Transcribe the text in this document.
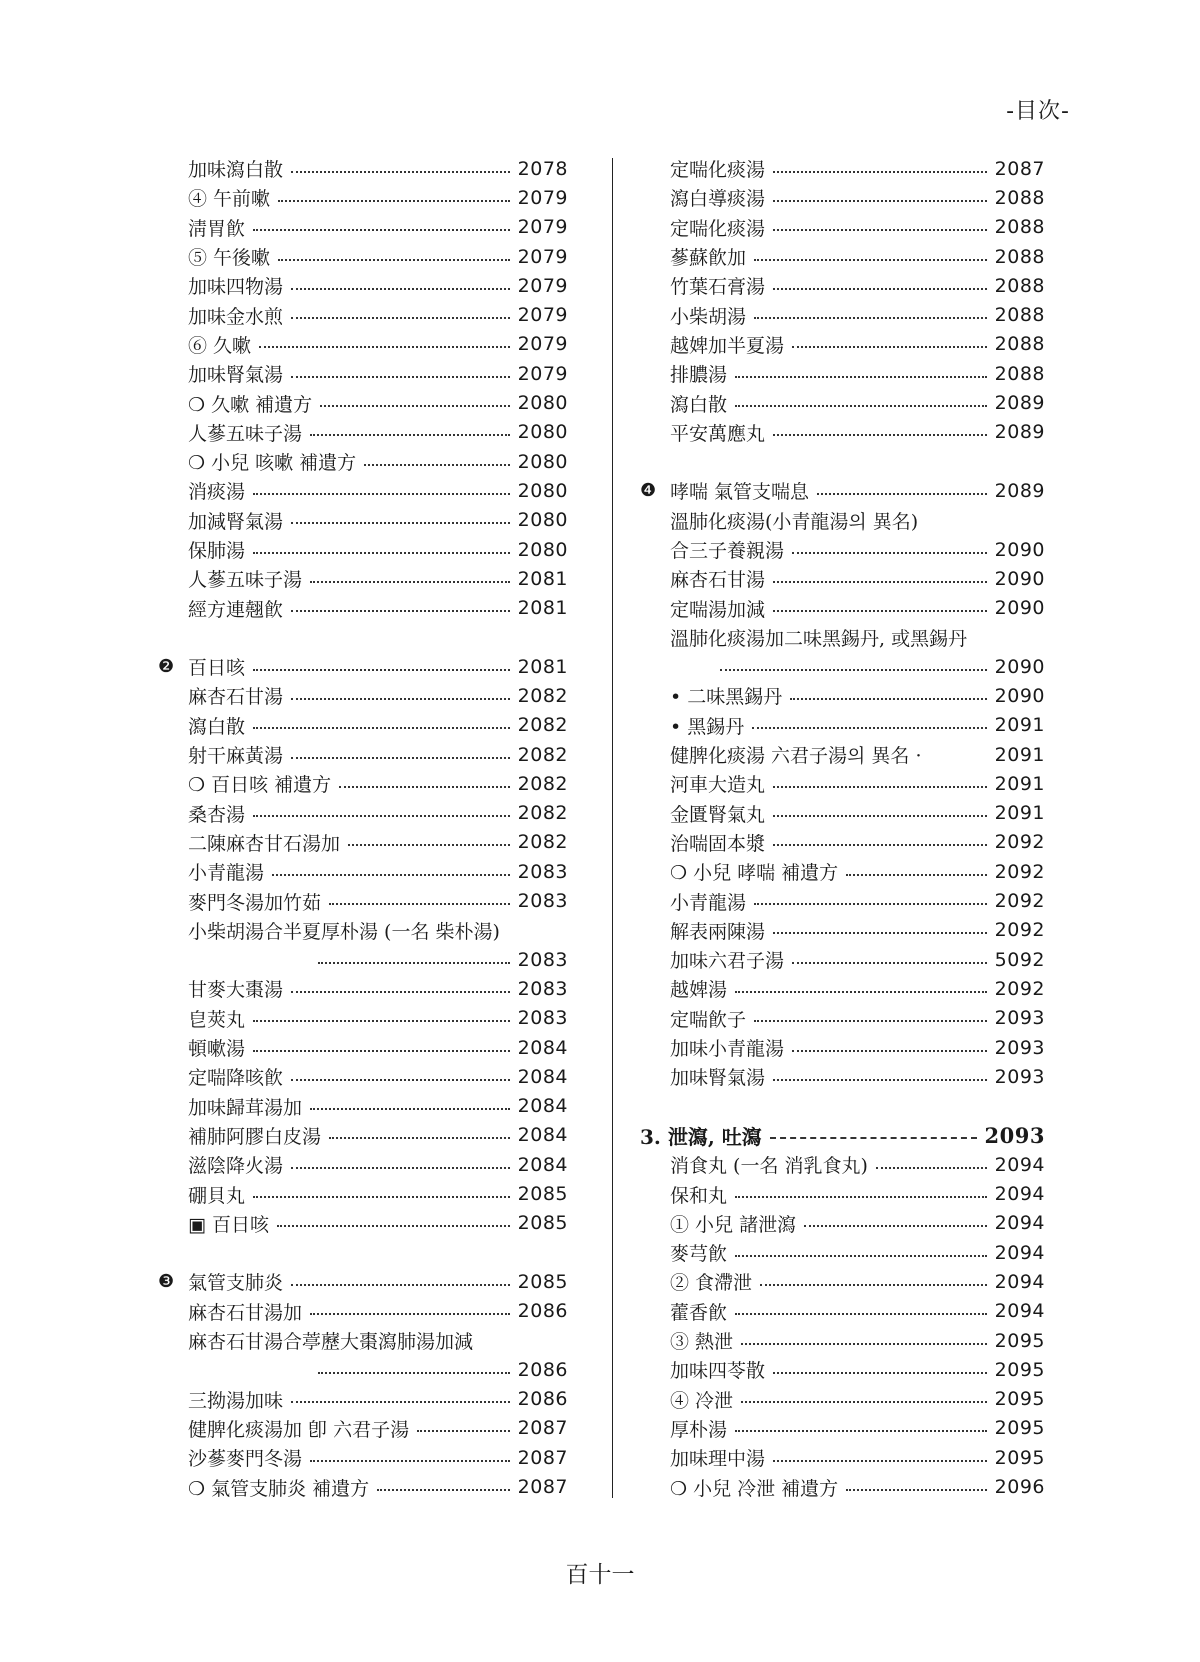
-目次-
加味瀉白散	2078
④ 午前嗽	2079
淸胃飮	2079
⑤ 午後嗽	2079
加味四物湯	2079
加味金水煎	2079
⑥ 久嗽	2079
加味腎氣湯	2079
❍ 久嗽 補遺方	2080
人蔘五味子湯	2080
❍ 小兒 咳嗽 補遺方	2080
消痰湯	2080
加減腎氣湯	2080
保肺湯	2080
人蔘五味子湯	2081
經方連翹飮	2081
❷ 百日咳	2081
麻杏石甘湯	2082
瀉白散	2082
射干麻黃湯	2082
❍ 百日咳 補遺方	2082
桑杏湯	2082
二陳麻杏甘石湯加	2082
小青龍湯	2083
麥門冬湯加竹茹	2083
小柴胡湯合半夏厚朴湯 (一名 柴朴湯)
2083
甘麥大棗湯	2083
皀莢丸	2083
頓嗽湯	2084
定喘降咳飮	2084
加味歸茸湯加	2084
補肺阿膠白皮湯	2084
滋陰降火湯	2084
硼貝丸	2085
▣ 百日咳	2085
❸ 氣管支肺炎	2085
麻杏石甘湯加	2086
麻杏石甘湯合葶藶大棗瀉肺湯加減
2086
三拗湯加味	2086
健脾化痰湯加 卽 六君子湯	2087
沙蔘麥門冬湯	2087
❍ 氣管支肺炎 補遺方	2087
定喘化痰湯	2087
瀉白導痰湯	2088
定喘化痰湯	2088
蔘蘇飮加	2088
竹葉石膏湯	2088
小柴胡湯	2088
越婢加半夏湯	2088
排膿湯	2088
瀉白散	2089
平安萬應丸	2089
❹ 哮喘 氣管支喘息	2089
溫肺化痰湯(小青龍湯의 異名)
合三子養親湯	2090
麻杏石甘湯	2090
定喘湯加減	2090
溫肺化痰湯加二味黑錫丹, 或黑錫丹
2090
• 二味黑錫丹	2090
• 黑錫丹	2091
健脾化痰湯 六君子湯의 異名 ·	2091
河車大造丸	2091
金匱腎氣丸	2091
治喘固本漿	2092
❍ 小兒 哮喘 補遺方	2092
小青龍湯	2092
解表兩陳湯	2092
加味六君子湯	5092
越婢湯	2092
定喘飮子	2093
加味小青龍湯	2093
加味腎氣湯	2093
3. 泄瀉, 吐瀉	2093
消食丸 (一名 消乳食丸)	2094
保和丸	2094
① 小兒 諸泄瀉	2094
麥芎飮	2094
② 食滯泄	2094
藿香飮	2094
③ 熱泄	2095
加味四苓散	2095
④ 冷泄	2095
厚朴湯	2095
加味理中湯	2095
❍ 小兒 冷泄 補遺方	2096
百十一
